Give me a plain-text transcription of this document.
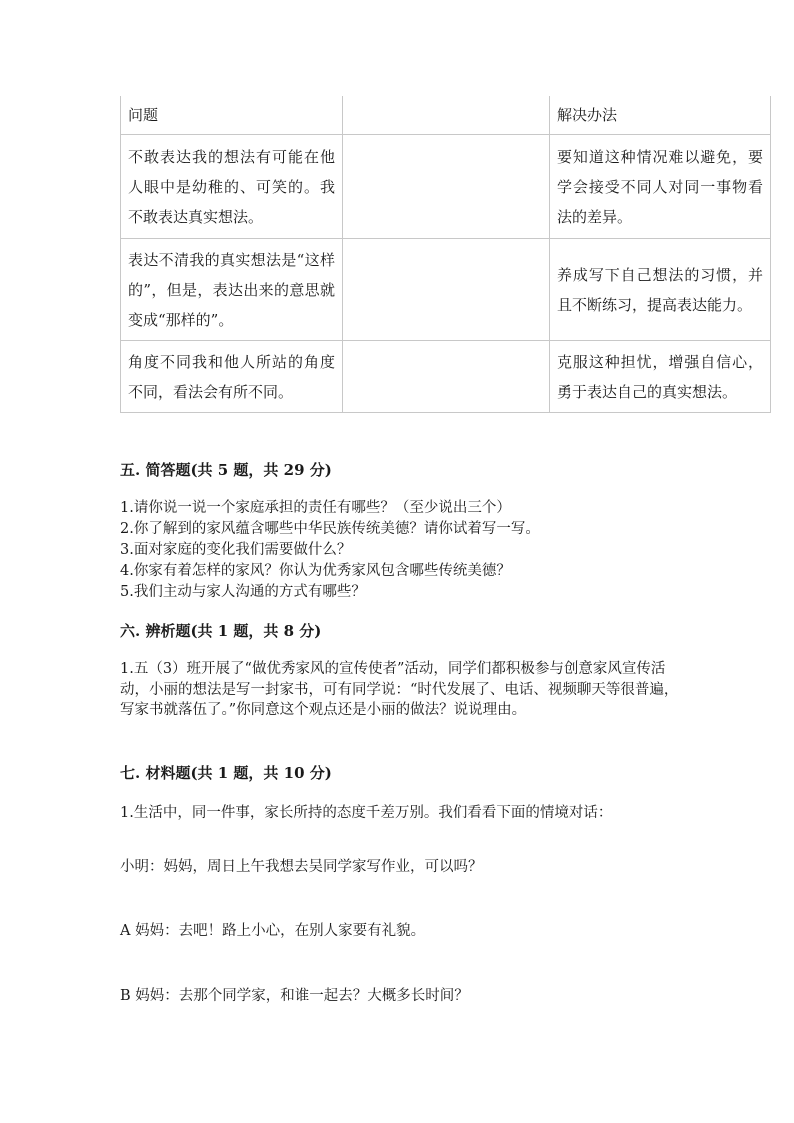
问题		解决办法
不敢表达我的想法有可能在他人眼中是幼稚的、可笑的。我不敢表达真实想法。		要知道这种情况难以避免，要学会接受不同人对同一事物看法的差异。
表达不清我的真实想法是“这样的”，但是，表达出来的意思就变成“那样的”。		养成写下自己想法的习惯，并且不断练习，提高表达能力。
角度不同我和他人所站的角度不同，看法会有所不同。		克服这种担忧，增强自信心，勇于表达自己的真实想法。
五. 简答题(共 5 题，共 29 分)
1.请你说一说一个家庭承担的责任有哪些？（至少说出三个）
2.你了解到的家风蕴含哪些中华民族传统美德？请你试着写一写。
3.面对家庭的变化我们需要做什么？
4.你家有着怎样的家风？你认为优秀家风包含哪些传统美德？
5.我们主动与家人沟通的方式有哪些？
六. 辨析题(共 1 题，共 8 分)
1.五（3）班开展了“做优秀家风的宣传使者”活动，同学们都积极参与创意家风宣传活动，小丽的想法是写一封家书，可有同学说：“时代发展了、电话、视频聊天等很普遍，写家书就落伍了。”你同意这个观点还是小丽的做法？说说理由。
七. 材料题(共 1 题，共 10 分)
1.生活中，同一件事，家长所持的态度千差万别。我们看看下面的情境对话：
小明：妈妈，周日上午我想去吴同学家写作业，可以吗？
A 妈妈：去吧！路上小心，在别人家要有礼貌。
B 妈妈：去那个同学家，和谁一起去？大概多长时间？
